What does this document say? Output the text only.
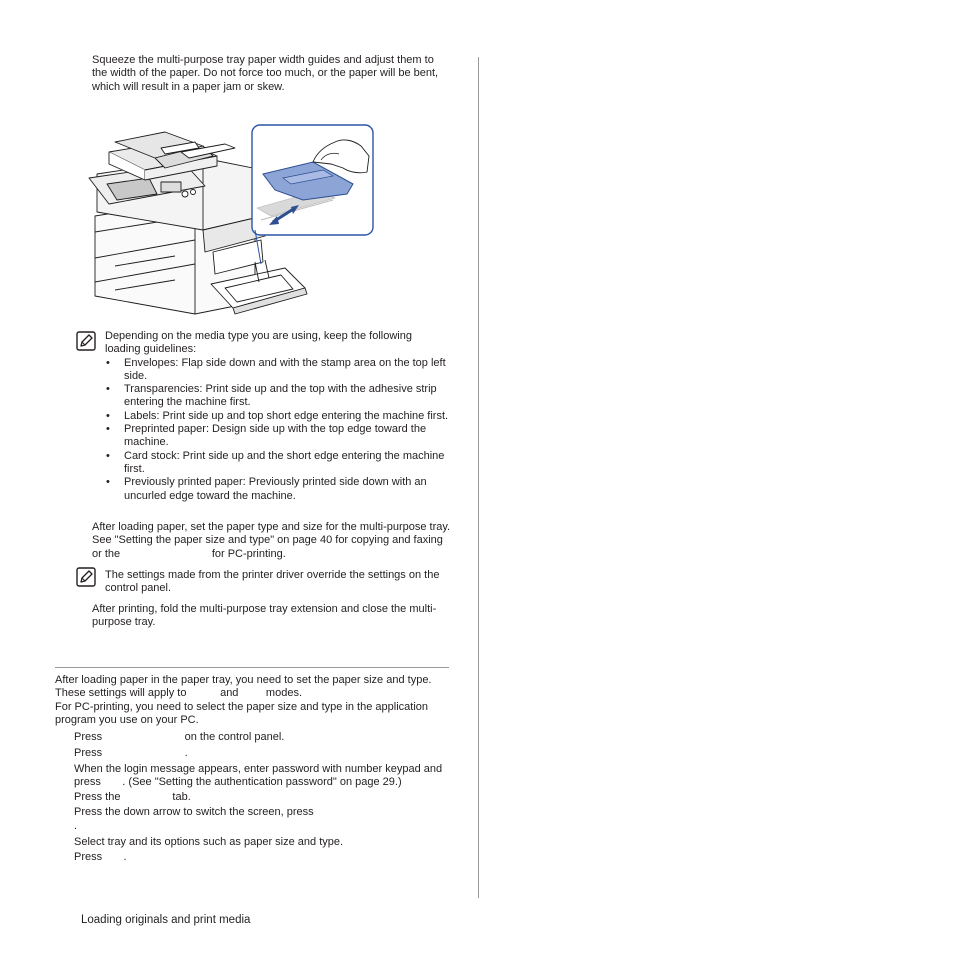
Squeeze the multi-purpose tray paper width guides and adjust them to the width of the paper. Do not force too much, or the paper will be bent, which will result in a paper jam or skew.

Depending on the media type you are using, keep the following loading guidelines:

• Envelopes: Flap side down and with the stamp area on the top left side.
• Transparencies: Print side up and the top with the adhesive strip entering the machine first.
• Labels: Print side up and top short edge entering the machine first.
• Preprinted paper: Design side up with the top edge toward the machine.
• Card stock: Print side up and the short edge entering the machine first.
• Previously printed paper: Previously printed side down with an uncurled edge toward the machine.

After loading paper, set the paper type and size for the multi-purpose tray. See "Setting the paper size and type" on page 40 for copying and faxing or the                              for PC-printing.

The settings made from the printer driver override the settings on the control panel.

After printing, fold the multi-purpose tray extension and close the multi-purpose tray.

After loading paper in the paper tray, you need to set the paper size and type. These settings will apply to           and         modes.

For PC-printing, you need to select the paper size and type in the application program you use on your PC.

Press                           on the control panel.

Press                           .

When the login message appears, enter password with number keypad and press       . (See "Setting the authentication password" on page 29.)

Press the                 tab.

Press the down arrow to switch the screen, press                                              .

Select tray and its options such as paper size and type.

Press       .

Loading originals and print media
